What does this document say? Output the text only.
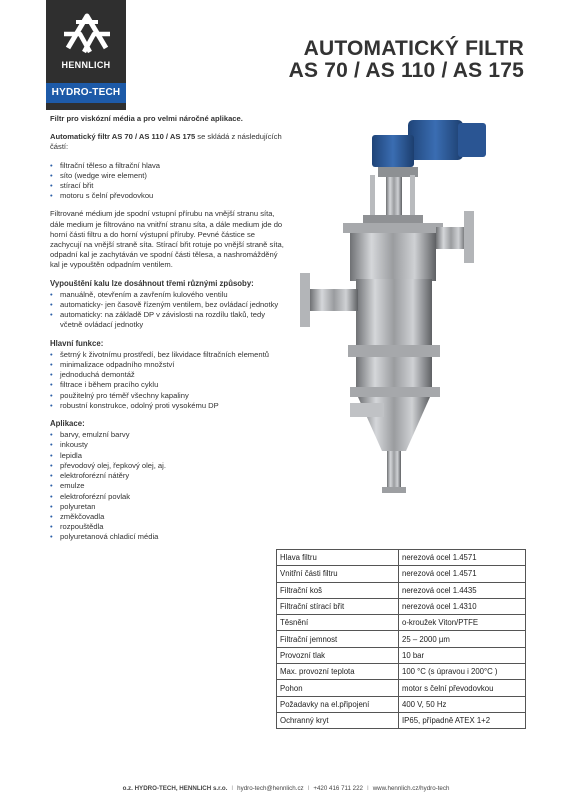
HENNLICH
HYDRO-TECH
AUTOMATICKÝ FILTR
AS 70 / AS 110 / AS 175

Filtr pro viskózní média a pro velmi náročné aplikace.

Automatický filtr AS 70 / AS 110 / AS 175 se skládá z následujících částí:

• filtrační těleso a filtrační hlava
• síto (wedge wire element)
• stírací břit
• motoru s čelní převodovkou

Filtrované médium jde spodní vstupní přírubu na vnější stranu síta, dále medium je filtrováno na vnitřní stranu síta, a dále medium jde do horní části filtru a do horní výstupní příruby. Pevné částice se zachycují na vnější straně síta. Stírací břit rotuje po vnější straně síta, odpadní kal je zachytáván ve spodní části tělesa, a nashromážděný kal je vypouštěn odpadním ventilem.

Vypouštění kalu lze dosáhnout třemi různými způsoby:
• manuálně, otevřením a zavřením kulového ventilu
• automaticky- jen časově řízeným ventilem, bez ovládací jednotky
• automaticky: na základě DP v závislosti na rozdílu tlaků, tedy včetně ovládací jednotky
Hlavní funkce:
• šetrný k životnímu prostředí, bez likvidace filtračních elementů
• minimalizace odpadního množství
• jednoduchá demontáž
• filtrace i během pracího cyklu
• použitelný pro téměř všechny kapaliny
• robustní konstrukce, odolný proti vysokému DP
Aplikace:
• barvy, emulzní barvy
• inkousty
• lepidla
• převodový olej, řepkový olej, aj.
• elektroforézní nátěry
• emulze
• elektroforézní povlak
• polyuretan
• změkčovadla
• rozpouštědla
• polyuretanová chladicí média
Hlava filtru	nerezová ocel 1.4571
Vnitřní části filtru	nerezová ocel 1.4571
Filtrační koš	nerezová ocel 1.4435
Filtrační stírací břit	nerezová ocel 1.4310
Těsnění	o-kroužek Viton/PTFE
Filtrační jemnost	25 – 2000 µm
Provozní tlak	10 bar
Max. provozní teplota	100 °C (s úpravou i 200°C )
Pohon	motor s čelní převodovkou
Požadavky na el.připojení	400 V, 50 Hz
Ochranný kryt	IP65, případně ATEX 1+2
o.z. HYDRO-TECH, HENNLICH s.r.o. I hydro-tech@hennlich.cz I +420 416 711 222 I www.hennlich.cz/hydro-tech
